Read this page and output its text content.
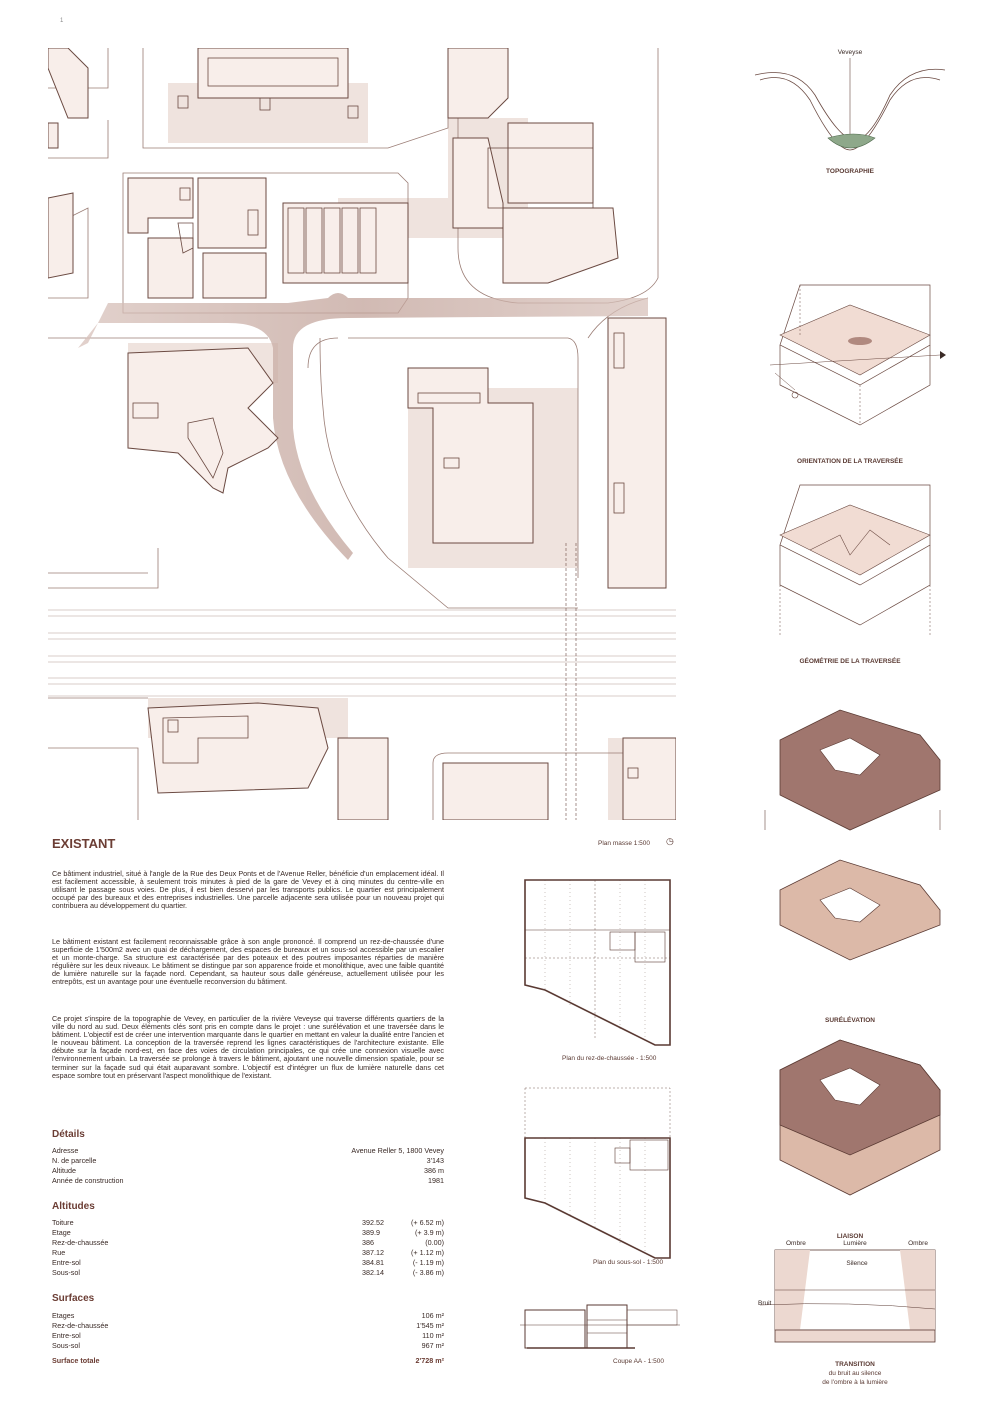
1
Veveyse
ORIENTATION DE LA TRAVERSÉE
GÉOMÉTRIE DE LA TRAVERSÉE
SURÉLÉVATION
LIAISON
Ombre	Lumière	Ombre
Silence
Bruit
TRANSITION
du bruit au silence
de l'ombre à la lumière
TOPOGRAPHIE
EXISTANT	Plan masse 1:500 ◷

Ce bâtiment industriel, situé à l'angle de la Rue des Deux Ponts et de l'Avenue Reller, bénéficie d'un emplacement idéal. Il est facilement accessible, à seulement trois minutes à pied de la gare de Vevey et à cinq minutes du centre-ville en utilisant le passage sous voies. De plus, il est bien desservi par les transports publics. Le quartier est principalement occupé par des bureaux et des entreprises industrielles. Une parcelle adjacente sera utilisée pour un nouveau projet qui contribuera au développement du quartier.

Le bâtiment existant est facilement reconnaissable grâce à son angle prononcé. Il comprend un rez-de-chaussée d'une superficie de 1'500m2 avec un quai de déchargement, des espaces de bureaux et un sous-sol accessible par un escalier et un monte-charge. Sa structure est caractérisée par des poteaux et des poutres imposantes réparties de manière régulière sur les deux niveaux. Le bâtiment se distingue par son apparence froide et monolithique, avec une faible quantité de lumière naturelle sur la façade nord. Cependant, sa hauteur sous dalle généreuse, actuellement utilisée pour les entrepôts, est un avantage pour une éventuelle reconversion du bâtiment.

Ce projet s'inspire de la topographie de Vevey, en particulier de la rivière Veveyse qui traverse différents quartiers de la ville du nord au sud. Deux éléments clés sont pris en compte dans le projet : une surélévation et une traversée dans le bâtiment. L'objectif est de créer une intervention marquante dans le quartier en mettant en valeur la dualité entre l'ancien et le nouveau bâtiment. La conception de la traversée reprend les lignes caractéristiques de l'architecture existante. Elle débute sur la façade nord-est, en face des voies de circulation principales, ce qui crée une connexion visuelle avec l'environnement urbain. La traversée se prolonge à travers le bâtiment, ajoutant une nouvelle dimension spatiale, pour se terminer sur la façade sud qui était auparavant sombre. L'objectif est d'intégrer un flux de lumière naturelle dans cet espace sombre tout en préservant l'aspect monolithique de l'existant.

Détails
Adresse	Avenue Reller 5, 1800 Vevey
N. de parcelle	3'143
Altitude	386 m
Année de construction	1981
Altitudes
Toiture	392.52	(+ 6.52 m)
Etage	389.9	(+ 3.9 m)
Rez-de-chaussée	386	(0.00)
Rue	387.12	(+ 1.12 m)
Entre-sol	384.81	(- 1.19 m)
Sous-sol	382.14	(- 3.86 m)
Surfaces
Etages	106 m²
Rez-de-chaussée	1'545 m²
Entre-sol	110 m²
Sous-sol	967 m²
Surface totale	2'728 m²
Plan du rez-de-chaussée - 1:500
Plan du sous-sol - 1:500
Coupe AA - 1:500
